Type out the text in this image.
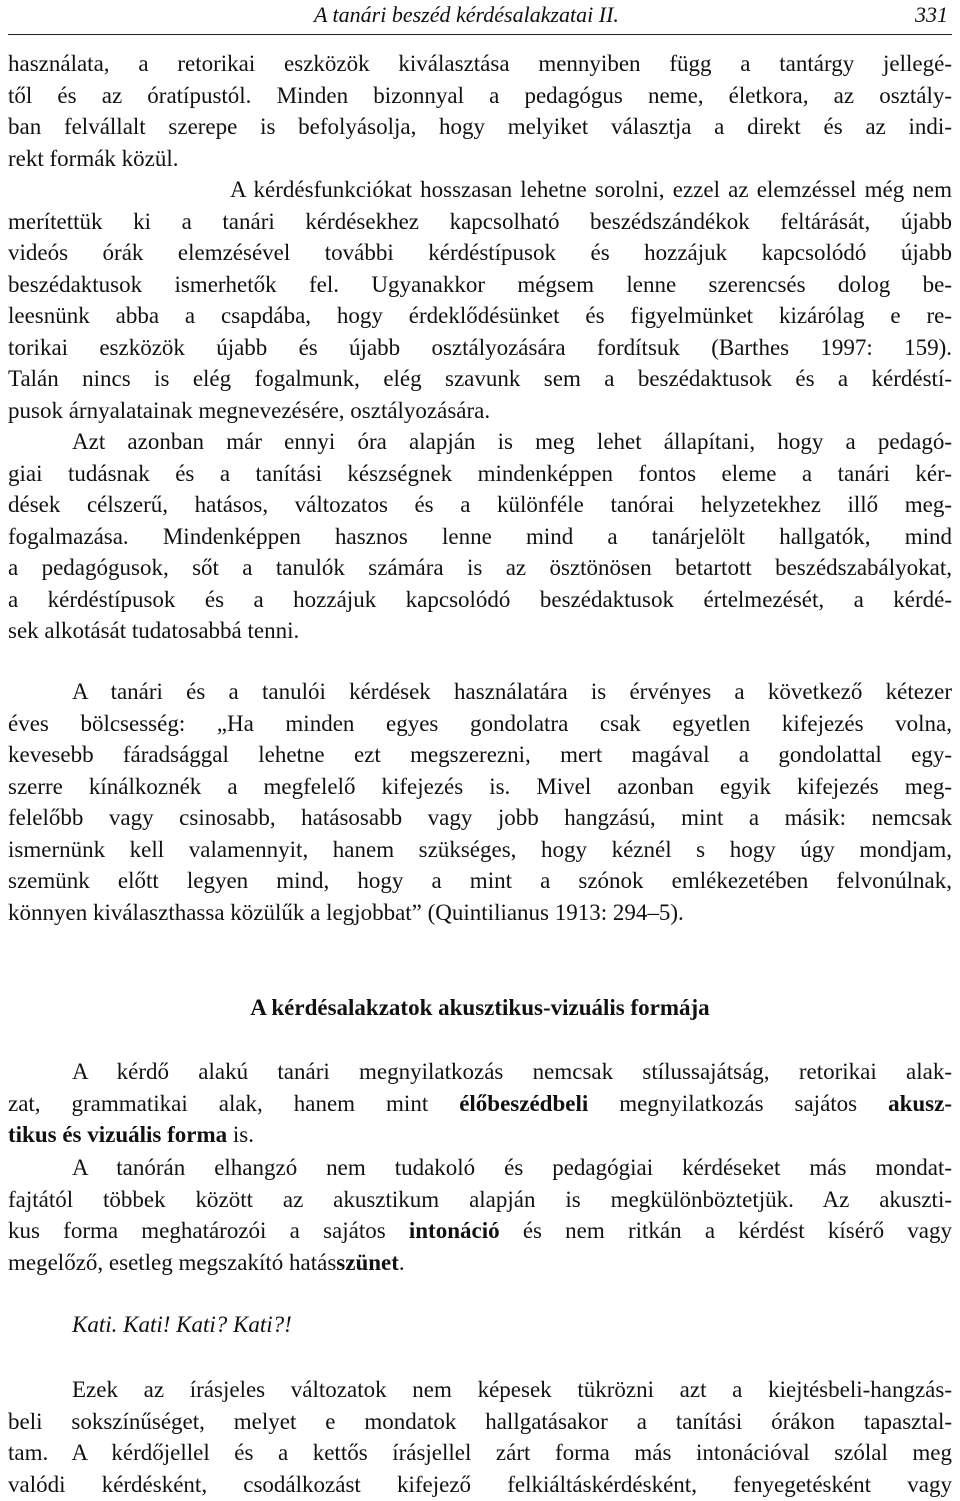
A tanári beszéd kérdésalakzatai II.	331
használata, a retorikai eszközök kiválasztása mennyiben függ a tantárgy jellegé-
től és az óratípustól. Minden bizonnyal a pedagógus neme, életkora, az osztály-
ban felvállalt szerepe is befolyásolja, hogy melyiket választja a direkt és az indi-
rekt formák közül.
A kérdésfunkciókat hosszasan lehetne sorolni, ezzel az elemzéssel még nem
merítettük ki a tanári kérdésekhez kapcsolható beszédszándékok feltárását, újabb
videós órák elemzésével további kérdéstípusok és hozzájuk kapcsolódó újabb
beszédaktusok ismerhetők fel. Ugyanakkor mégsem lenne szerencsés dolog be-
leesnünk abba a csapdába, hogy érdeklődésünket és figyelmünket kizárólag e re-
torikai eszközök újabb és újabb osztályozására fordítsuk (Barthes 1997: 159).
Talán nincs is elég fogalmunk, elég szavunk sem a beszédaktusok és a kérdéstí-
pusok árnyalatainak megnevezésére, osztályozására.
Azt azonban már ennyi óra alapján is meg lehet állapítani, hogy a pedagó-
giai tudásnak és a tanítási készségnek mindenképpen fontos eleme a tanári kér-
dések célszerű, hatásos, változatos és a különféle tanórai helyzetekhez illő meg-
fogalmazása. Mindenképpen hasznos lenne mind a tanárjelölt hallgatók, mind
a pedagógusok, sőt a tanulók számára is az ösztönösen betartott beszédszabályokat,
a kérdéstípusok és a hozzájuk kapcsolódó beszédaktusok értelmezését, a kérdé-
sek alkotását tudatosabbá tenni.
A tanári és a tanulói kérdések használatára is érvényes a következő kétezer
éves bölcsesség: „Ha minden egyes gondolatra csak egyetlen kifejezés volna,
kevesebb fáradsággal lehetne ezt megszerezni, mert magával a gondolattal egy-
szerre kínálkoznék a megfelelő kifejezés is. Mivel azonban egyik kifejezés meg-
felelőbb vagy csinosabb, hatásosabb vagy jobb hangzású, mint a másik: nemcsak
ismernünk kell valamennyit, hanem szükséges, hogy kéznél s hogy úgy mondjam,
szemünk előtt legyen mind, hogy a mint a szónok emlékezetében felvonúlnak,
könnyen kiválaszthassa közülűk a legjobbat” (Quintilianus 1913: 294–5).
A kérdésalakzatok akusztikus-vizuális formája
A kérdő alakú tanári megnyilatkozás nemcsak stílussajátság, retorikai alak-
zat, grammatikai alak, hanem mint élőbeszédbeli megnyilatkozás sajátos akusz-
tikus és vizuális forma is.
A tanórán elhangzó nem tudakoló és pedagógiai kérdéseket más mondat-
fajtától többek között az akusztikum alapján is megkülönböztetjük. Az akuszti-
kus forma meghatározói a sajátos intonáció és nem ritkán a kérdést kísérő vagy
megelőző, esetleg megszakító hatásszünet.
Kati. Kati! Kati? Kati?!
Ezek az írásjeles változatok nem képesek tükrözni azt a kiejtésbeli-hangzás-
beli sokszínűséget, melyet e mondatok hallgatásakor a tanítási órákon tapasztal-
tam. A kérdőjellel és a kettős írásjellel zárt forma más intonációval szólal meg
valódi kérdésként, csodálkozást kifejező felkiáltáskérdésként, fenyegetésként vagy
